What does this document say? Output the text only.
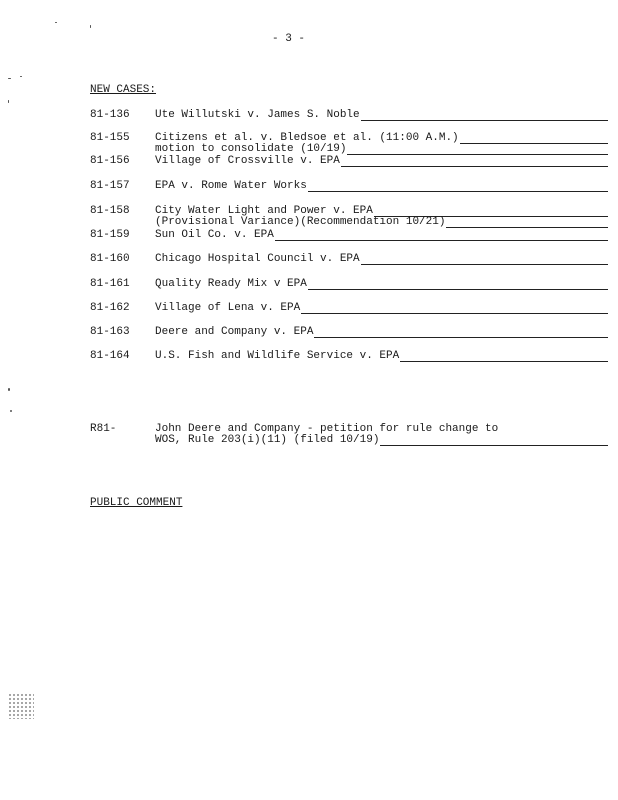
- 3 -
NEW CASES:
81-136 Ute Willutski v. James S. Noble
81-155 Citizens et al. v. Bledsoe et al. (11:00 A.M.)
motion to consolidate (10/19)
81-156 Village of Crossville v. EPA
81-157 EPA v. Rome Water Works
81-158 City Water Light and Power v. EPA
(Provisional Variance)(Recommendation 10/21)
81-159 Sun Oil Co. v. EPA
81-160 Chicago Hospital Council v. EPA
81-161 Quality Ready Mix v EPA
81-162 Village of Lena v. EPA
81-163 Deere and Company v. EPA
81-164 U.S. Fish and Wildlife Service v. EPA
R81-	John Deere and Company - petition for rule change to
WOS, Rule 203(i)(11) (filed 10/19)
PUBLIC COMMENT
